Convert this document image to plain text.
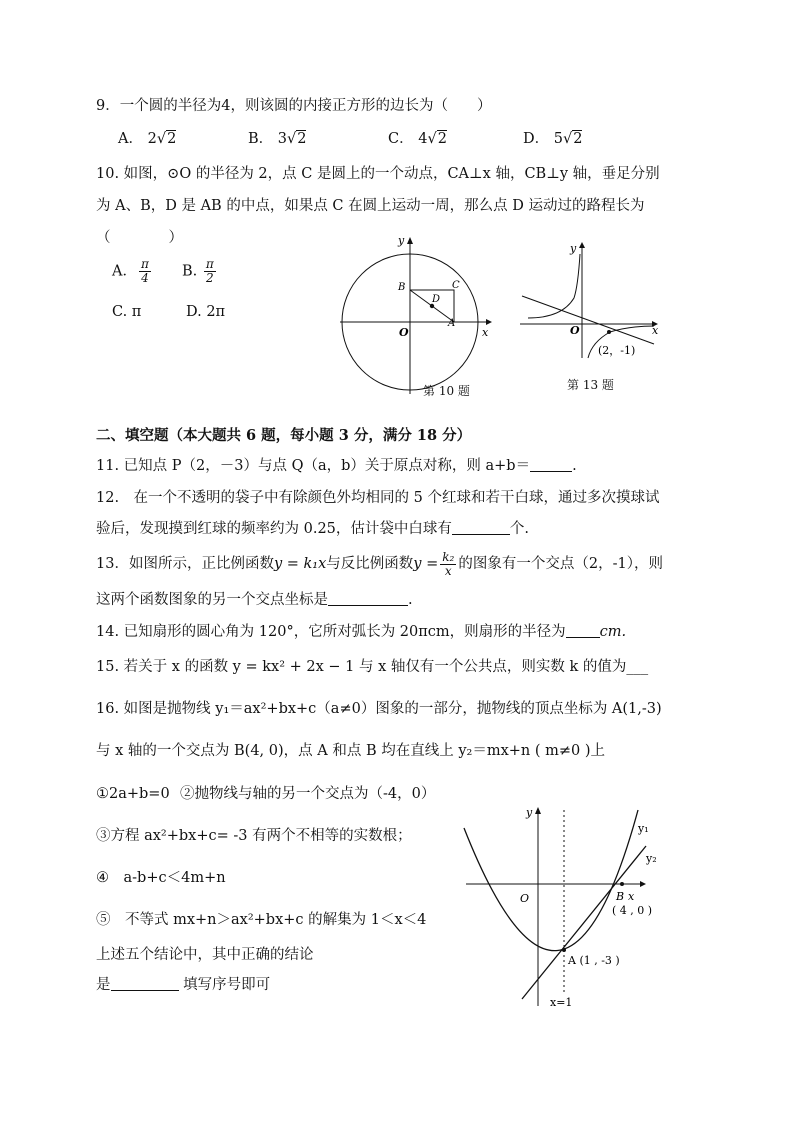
9．一个圆的半径为4，则该圆的内接正方形的边长为（　　）
A． 2√2	B． 3√2	C． 4√2	D． 5√2
10. 如图，⊙O 的半径为 2，点 C 是圆上的一个动点，CA⊥x 轴，CB⊥y 轴，垂足分别
为 A、B，D 是 AB 的中点，如果点 C 在圆上运动一周，那么点 D 运动过的路程长为
（　　　　）
A． $\frac{\pi}{4} B$. $\frac{\pi}{2}$
C. π	D. 2π
y
x
O
B	C
D
A
第 10 题
y
x
O
(2，-1)
第 13 题
二、填空题（本大题共 6 题，每小题 3 分，满分 18 分）
11. 已知点 P（2，－3）与点 Q（a，b）关于原点对称，则 a+b＝	.
12.　在一个不透明的袋子中有除颜色外均相同的 5 个红球和若干白球，通过多次摸球试
验后，发现摸到红球的频率约为 0.25，估计袋中白球有	个.
13．如图所示，正比例函数y = k₁x与反比例函数$y = \frac{\text{k₂}}{x}$ 的图象有一个交点（2，-1），则
这两个函数图象的另一个交点坐标是	.
14. 已知扇形的圆心角为 120°，它所对弧长为 20πcm，则扇形的半径为 cm.
15. 若关于 x 的函数 y = kx² + 2x − 1 与 x 轴仅有一个公共点，则实数 k 的值为___
16. 如图是抛物线 y₁＝ax²+bx+c（a≠0）图象的一部分，抛物线的顶点坐标为 A(1,-3)
与 x 轴的一个交点为 B(4, 0)，点 A 和点 B 均在直线上 y₂＝mx+n ( m≠0 )上
①2a+b=0 ②抛物线与轴的另一个交点为（-4，0）
③方程 ax²+bx+c= -3 有两个不相等的实数根；
④　a-b+c＜4m+n
⑤　不等式 mx+n＞ax²+bx+c 的解集为 1＜x＜4
上述五个结论中，其中正确的结论
是	填写序号即可
y
y₁
y₂
O	B x
( 4 , 0 )
A (1 , -3 )
x=1
